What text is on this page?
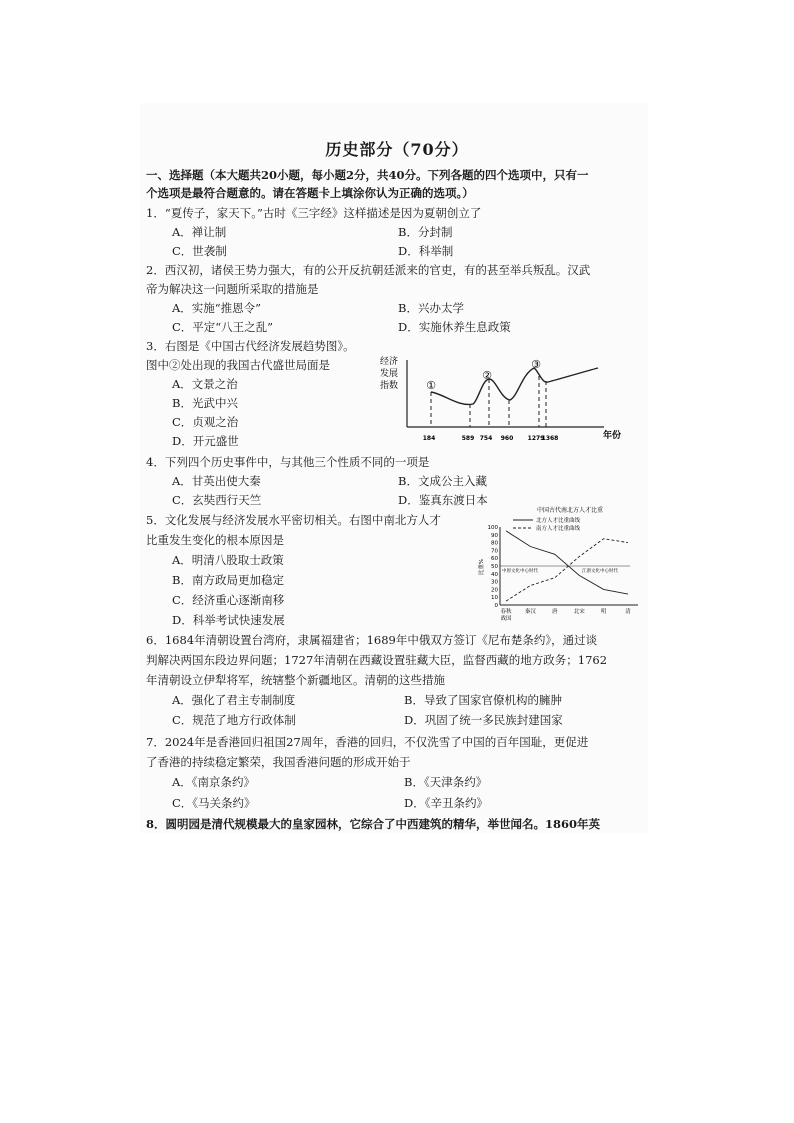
历史部分（70分）
一、选择题（本大题共20小题，每小题2分，共40分。下列各题的四个选项中，只有一
个选项是最符合题意的。请在答题卡上填涂你认为正确的选项。）
1．“夏传子，家天下。”古时《三字经》这样描述是因为夏朝创立了
A．禅让制	B．分封制
C．世袭制	D．科举制
2．西汉初，诸侯王势力强大，有的公开反抗朝廷派来的官吏，有的甚至举兵叛乱。汉武
帝为解决这一问题所采取的措施是
A．实施“推恩令”	B．兴办太学
C．平定“八王之乱”	D．实施休养生息政策
3．右图是《中国古代经济发展趋势图》。
图中②处出现的我国古代盛世局面是
A．文景之治
B．光武中兴
C．贞观之治
D．开元盛世
经济
发展
指数	①
②
③
184	589 754 960 1279
1368	年份
4．下列四个历史事件中，与其他三个性质不同的一项是
A．甘英出使大秦	B．文成公主入藏
C．玄奘西行天竺	D．鉴真东渡日本
5．文化发展与经济发展水平密切相关。右图中南北方人才
比重发生变化的根本原因是
A．明清八股取士政策
B．南方政局更加稳定
C．经济重心逐渐南移
D．科举考试快速发展
中国古代南北方人才比重
北方人才比重曲线
南方人才比重曲线
比重%
100
90
80
70
60
50
40
30
20
10
0
中原文化中心时代	江浙文化中心时代
春秋
战国
秦汉	唐	北宋	明	清
6．1684年清朝设置台湾府，隶属福建省；1689年中俄双方签订《尼布楚条约》，通过谈
判解决两国东段边界问题；1727年清朝在西藏设置驻藏大臣，监督西藏的地方政务；1762
年清朝设立伊犁将军，统辖整个新疆地区。清朝的这些措施
A．强化了君主专制制度	B．导致了国家官僚机构的臃肿
C．规范了地方行政体制	D．巩固了统一多民族封建国家
7．2024年是香港回归祖国27周年，香港的回归，不仅洗雪了中国的百年国耻，更促进
了香港的持续稳定繁荣，我国香港问题的形成开始于
A．《南京条约》	B．《天津条约》
C．《马关条约》	D．《辛丑条约》
8．圆明园是清代规模最大的皇家园林，它综合了中西建筑的精华，举世闻名。1860年英
